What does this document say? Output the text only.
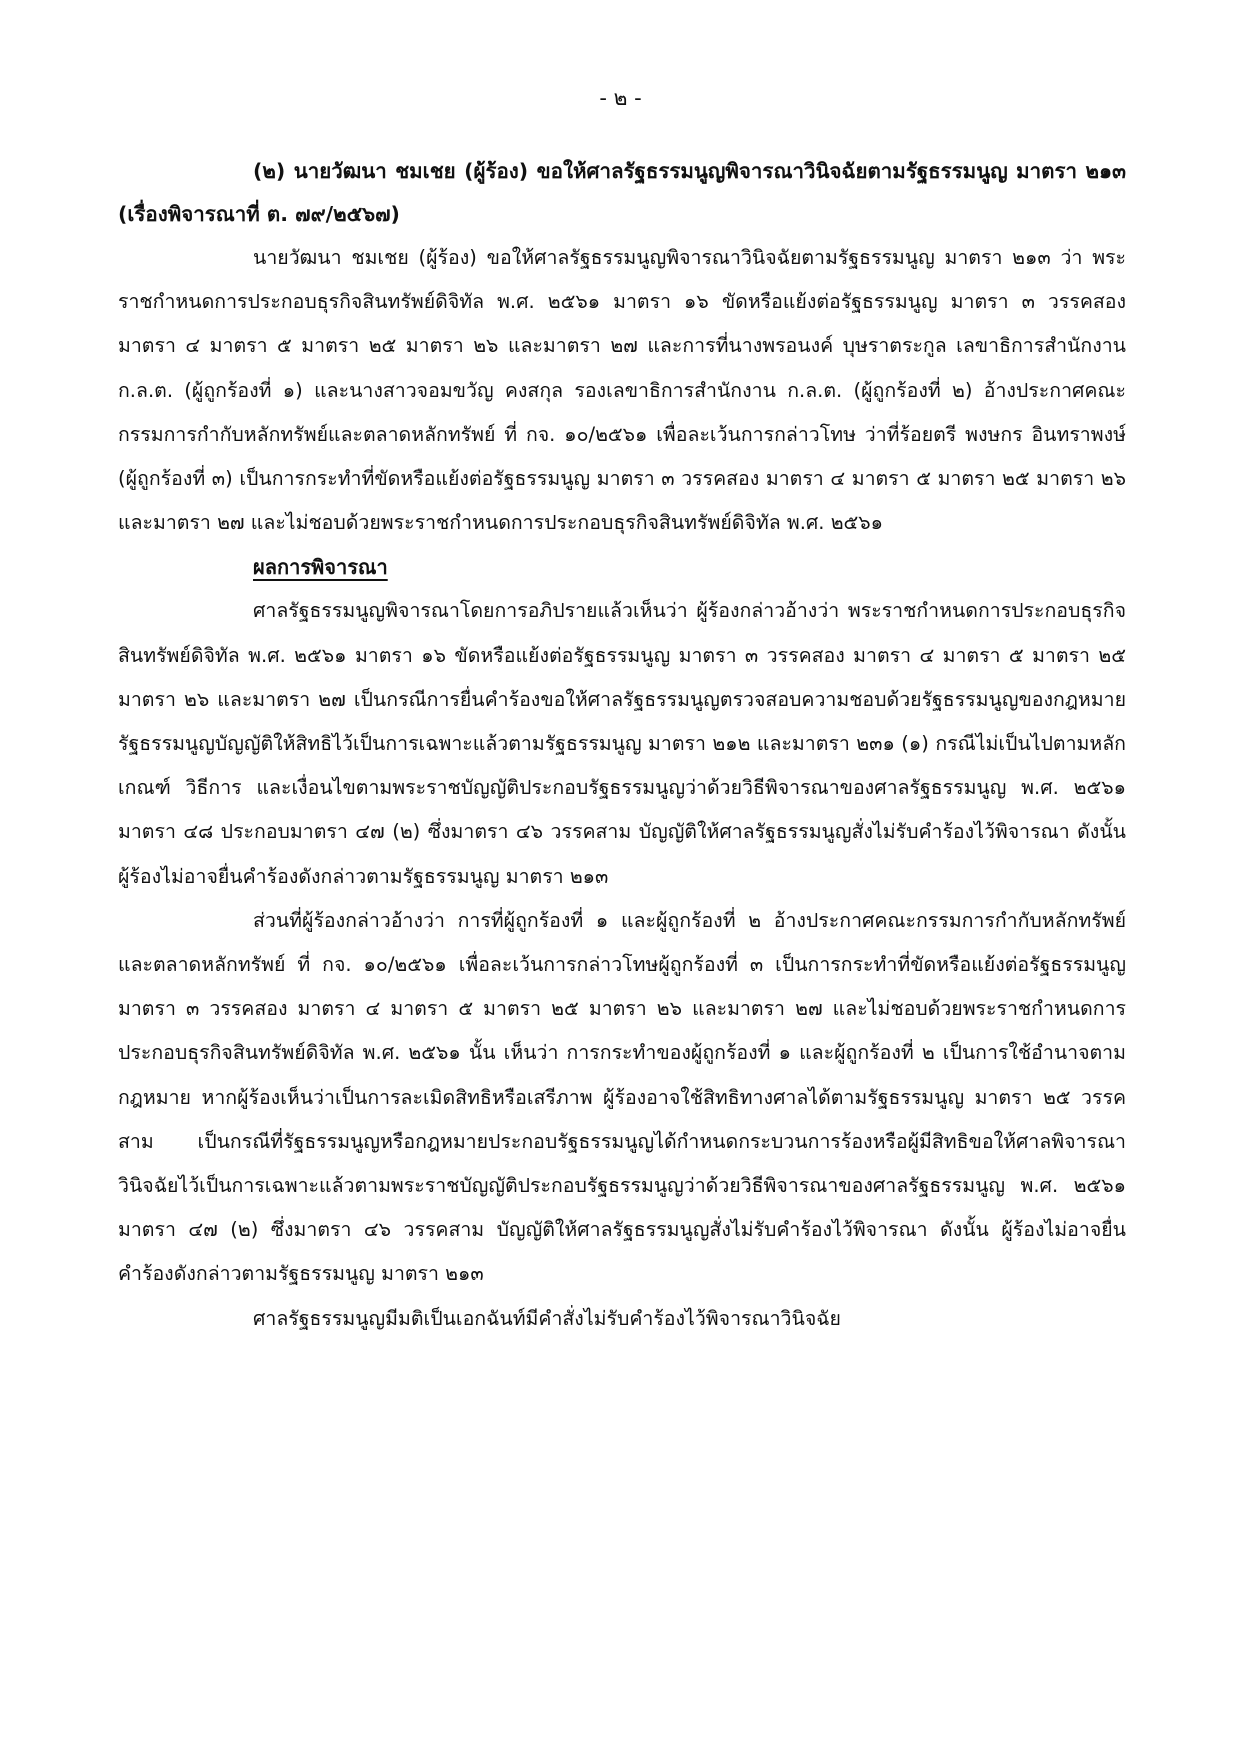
- ๒ -

(๒) นายวัฒนา ชมเชย (ผู้ร้อง) ขอให้ศาลรัฐธรรมนูญพิจารณาวินิจฉัยตามรัฐธรรมนูญ มาตรา ๒๑๓ (เรื่องพิจารณาที่ ต. ๗๙/๒๕๖๗)

นายวัฒนา ชมเชย (ผู้ร้อง) ขอให้ศาลรัฐธรรมนูญพิจารณาวินิจฉัยตามรัฐธรรมนูญ มาตรา ๒๑๓ ว่า พระราชกำหนดการประกอบธุรกิจสินทรัพย์ดิจิทัล พ.ศ. ๒๕๖๑ มาตรา ๑๖ ขัดหรือแย้งต่อรัฐธรรมนูญ มาตรา ๓ วรรคสอง มาตรา ๔ มาตรา ๕ มาตรา ๒๕ มาตรา ๒๖ และมาตรา ๒๗ และการที่นางพรอนงค์ บุษราตระกูล เลขาธิการสำนักงาน ก.ล.ต. (ผู้ถูกร้องที่ ๑) และนางสาวจอมขวัญ คงสกุล รองเลขาธิการสำนักงาน ก.ล.ต. (ผู้ถูกร้องที่ ๒) อ้างประกาศคณะกรรมการกำกับหลักทรัพย์และตลาดหลักทรัพย์ ที่ กจ. ๑๐/๒๕๖๑ เพื่อละเว้นการกล่าวโทษ ว่าที่ร้อยตรี พงษกร อินทราพงษ์ (ผู้ถูกร้องที่ ๓) เป็นการกระทำที่ขัดหรือแย้งต่อรัฐธรรมนูญ มาตรา ๓ วรรคสอง มาตรา ๔ มาตรา ๕ มาตรา ๒๕ มาตรา ๒๖ และมาตรา ๒๗ และไม่ชอบด้วยพระราชกำหนดการประกอบธุรกิจสินทรัพย์ดิจิทัล พ.ศ. ๒๕๖๑

ผลการพิจารณา

ศาลรัฐธรรมนูญพิจารณาโดยการอภิปรายแล้วเห็นว่า ผู้ร้องกล่าวอ้างว่า พระราชกำหนดการประกอบธุรกิจสินทรัพย์ดิจิทัล พ.ศ. ๒๕๖๑ มาตรา ๑๖ ขัดหรือแย้งต่อรัฐธรรมนูญ มาตรา ๓ วรรคสอง มาตรา ๔ มาตรา ๕ มาตรา ๒๕ มาตรา ๒๖ และมาตรา ๒๗ เป็นกรณีการยื่นคำร้องขอให้ศาลรัฐธรรมนูญตรวจสอบความชอบด้วยรัฐธรรมนูญของกฎหมาย รัฐธรรมนูญบัญญัติให้สิทธิไว้เป็นการเฉพาะแล้วตามรัฐธรรมนูญ มาตรา ๒๑๒ และมาตรา ๒๓๑ (๑) กรณีไม่เป็นไปตามหลักเกณฑ์ วิธีการ และเงื่อนไขตามพระราชบัญญัติประกอบรัฐธรรมนูญว่าด้วยวิธีพิจารณาของศาลรัฐธรรมนูญ พ.ศ. ๒๕๖๑ มาตรา ๔๘ ประกอบมาตรา ๔๗ (๒) ซึ่งมาตรา ๔๖ วรรคสาม บัญญัติให้ศาลรัฐธรรมนูญสั่งไม่รับคำร้องไว้พิจารณา ดังนั้น ผู้ร้องไม่อาจยื่นคำร้องดังกล่าวตามรัฐธรรมนูญ มาตรา ๒๑๓

ส่วนที่ผู้ร้องกล่าวอ้างว่า การที่ผู้ถูกร้องที่ ๑ และผู้ถูกร้องที่ ๒ อ้างประกาศคณะกรรมการกำกับหลักทรัพย์และตลาดหลักทรัพย์ ที่ กจ. ๑๐/๒๕๖๑ เพื่อละเว้นการกล่าวโทษผู้ถูกร้องที่ ๓ เป็นการกระทำที่ขัดหรือแย้งต่อรัฐธรรมนูญ มาตรา ๓ วรรคสอง มาตรา ๔ มาตรา ๕ มาตรา ๒๕ มาตรา ๒๖ และมาตรา ๒๗ และไม่ชอบด้วยพระราชกำหนดการประกอบธุรกิจสินทรัพย์ดิจิทัล พ.ศ. ๒๕๖๑ นั้น เห็นว่า การกระทำของผู้ถูกร้องที่ ๑ และผู้ถูกร้องที่ ๒ เป็นการใช้อำนาจตามกฎหมาย หากผู้ร้องเห็นว่าเป็นการละเมิดสิทธิหรือเสรีภาพ ผู้ร้องอาจใช้สิทธิทางศาลได้ตามรัฐธรรมนูญ มาตรา ๒๕ วรรคสาม เป็นกรณีที่รัฐธรรมนูญหรือกฎหมายประกอบรัฐธรรมนูญได้กำหนดกระบวนการร้องหรือผู้มีสิทธิขอให้ศาลพิจารณาวินิจฉัยไว้เป็นการเฉพาะแล้วตามพระราชบัญญัติประกอบรัฐธรรมนูญว่าด้วยวิธีพิจารณาของศาลรัฐธรรมนูญ พ.ศ. ๒๕๖๑ มาตรา ๔๗ (๒) ซึ่งมาตรา ๔๖ วรรคสาม บัญญัติให้ศาลรัฐธรรมนูญสั่งไม่รับคำร้องไว้พิจารณา ดังนั้น ผู้ร้องไม่อาจยื่นคำร้องดังกล่าวตามรัฐธรรมนูญ มาตรา ๒๑๓

ศาลรัฐธรรมนูญมีมติเป็นเอกฉันท์มีคำสั่งไม่รับคำร้องไว้พิจารณาวินิจฉัย
